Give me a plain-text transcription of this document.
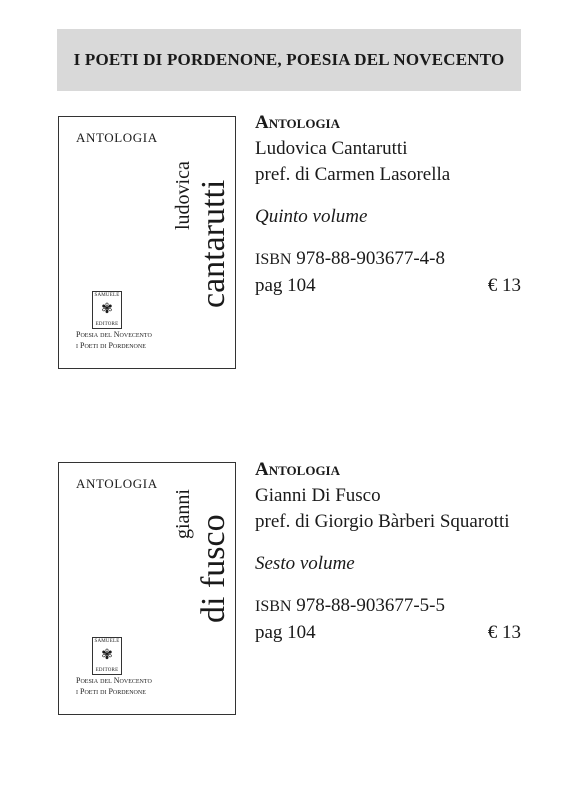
I POETI DI PORDENONE, POESIA DEL NOVECENTO
ANTOLOGIA
ludovica cantarutti
SAMUELE
✾
EDITORE
Poesia del Novecento
i Poeti di Pordenone
Antologia
Ludovica Cantarutti
pref. di Carmen Lasorella
Quinto volume
ISBN 978-88-903677-4-8
pag 104	€ 13
ANTOLOGIA
gianni
di fusco
SAMUELE
✾
EDITORE
Poesia del Novecento
i Poeti di Pordenone
Antologia
Gianni Di Fusco
pref. di Giorgio Bàrberi Squarotti
Sesto volume
ISBN 978-88-903677-5-5
pag 104	€ 13
